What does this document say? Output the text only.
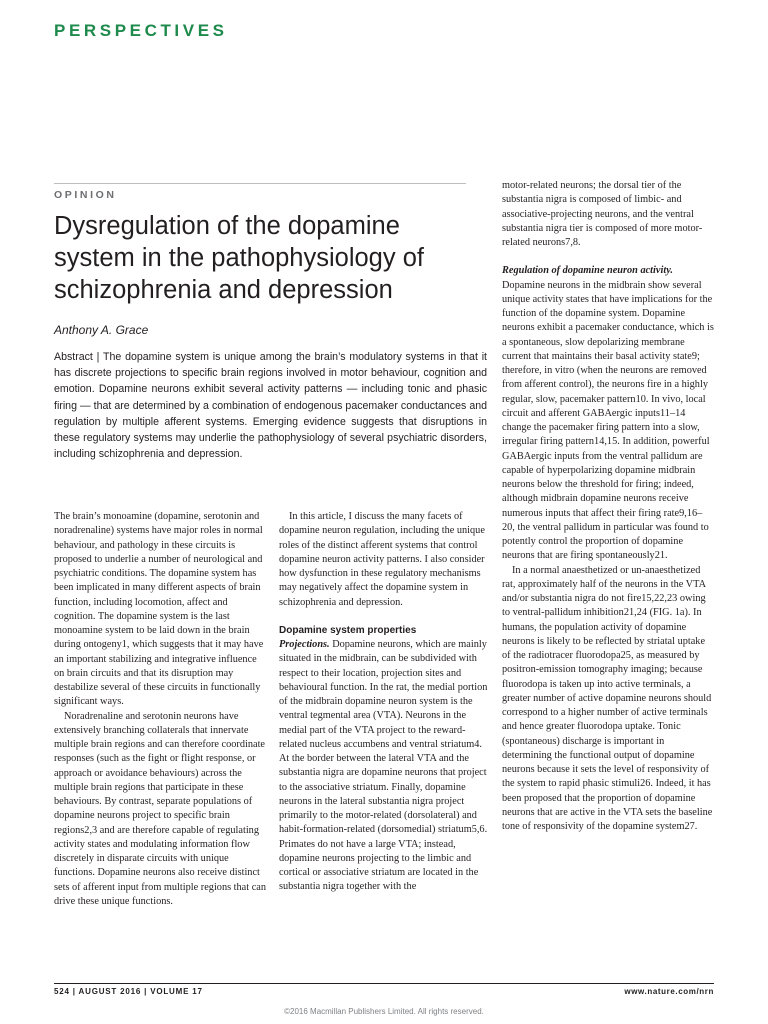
PERSPECTIVES
OPINION
Dysregulation of the dopamine system in the pathophysiology of schizophrenia and depression
Anthony A. Grace

Abstract | The dopamine system is unique among the brain’s modulatory systems in that it has discrete projections to specific brain regions involved in motor behaviour, cognition and emotion. Dopamine neurons exhibit several activity patterns — including tonic and phasic firing — that are determined by a combination of endogenous pacemaker conductances and regulation by multiple afferent systems. Emerging evidence suggests that disruptions in these regulatory systems may underlie the pathophysiology of several psychiatric disorders, including schizophrenia and depression.

The brain’s monoamine (dopamine, serotonin and noradrenaline) systems have major roles in normal behaviour, and pathology in these circuits is proposed to underlie a number of neurological and psychiatric conditions. The dopamine system has been implicated in many different aspects of brain function, including locomotion, affect and cognition. The dopamine system is the last monoamine system to be laid down in the brain during ontogeny1, which suggests that it may have an important stabilizing and integrative influence on brain circuits and that its disruption may destabilize several of these circuits in functionally significant ways.

Noradrenaline and serotonin neurons have extensively branching collaterals that innervate multiple brain regions and can therefore coordinate responses (such as the fight or flight response, or approach or avoidance behaviours) across the multiple brain regions that participate in these behaviours. By contrast, separate populations of dopamine neurons project to specific brain regions2,3 and are therefore capable of regulating activity states and modulating information flow discretely in disparate circuits with unique functions. Dopamine neurons also receive distinct sets of afferent input from multiple regions that can drive these unique functions.

In this article, I discuss the many facets of dopamine neuron regulation, including the unique roles of the distinct afferent systems that control dopamine neuron activity patterns. I also consider how dysfunction in these regulatory mechanisms may negatively affect the dopamine system in schizophrenia and depression.

Dopamine system properties

Projections. Dopamine neurons, which are mainly situated in the midbrain, can be subdivided with respect to their location, projection sites and behavioural function. In the rat, the medial portion of the midbrain dopamine neuron system is the ventral tegmental area (VTA). Neurons in the medial part of the VTA project to the reward-related nucleus accumbens and ventral striatum4. At the border between the lateral VTA and the substantia nigra are dopamine neurons that project to the associative striatum. Finally, dopamine neurons in the lateral substantia nigra project primarily to the motor-related (dorsolateral) and habit-formation-related (dorsomedial) striatum5,6. Primates do not have a large VTA; instead, dopamine neurons projecting to the limbic and cortical or associative striatum are located in the substantia nigra together with the

motor-related neurons; the dorsal tier of the substantia nigra is composed of limbic- and associative-projecting neurons, and the ventral substantia nigra tier is composed of more motor-related neurons7,8.

Regulation of dopamine neuron activity. Dopamine neurons in the midbrain show several unique activity states that have implications for the function of the dopamine system. Dopamine neurons exhibit a pacemaker conductance, which is a spontaneous, slow depolarizing membrane current that maintains their basal activity state9; therefore, in vitro (when the neurons are removed from afferent control), the neurons fire in a highly regular, slow, pacemaker pattern10. In vivo, local circuit and afferent GABAergic inputs11–14 change the pacemaker firing pattern into a slow, irregular firing pattern14,15. In addition, powerful GABAergic inputs from the ventral pallidum are capable of hyperpolarizing dopamine midbrain neurons below the threshold for firing; indeed, although midbrain dopamine neurons receive numerous inputs that affect their firing rate9,16–20, the ventral pallidum in particular was found to potently control the proportion of dopamine neurons that are firing spontaneously21.

In a normal anaesthetized or un-anaesthetized rat, approximately half of the neurons in the VTA and/or substantia nigra do not fire15,22,23 owing to ventral-pallidum inhibition21,24 (FIG. 1a). In humans, the population activity of dopamine neurons is likely to be reflected by striatal uptake of the radiotracer fluorodopa25, as measured by positron-emission tomography imaging; because fluorodopa is taken up into active terminals, a greater number of active dopamine neurons should correspond to a higher number of active terminals and hence greater fluorodopa uptake. Tonic (spontaneous) discharge is important in determining the functional output of dopamine neurons because it sets the level of responsivity of the system to rapid phasic stimuli26. Indeed, it has been proposed that the proportion of dopamine neurons that are active in the VTA sets the baseline tone of responsivity of the dopamine system27.

524 | AUGUST 2016 | VOLUME 17	www.nature.com/nrn
©2016 Macmillan Publishers Limited. All rights reserved.
